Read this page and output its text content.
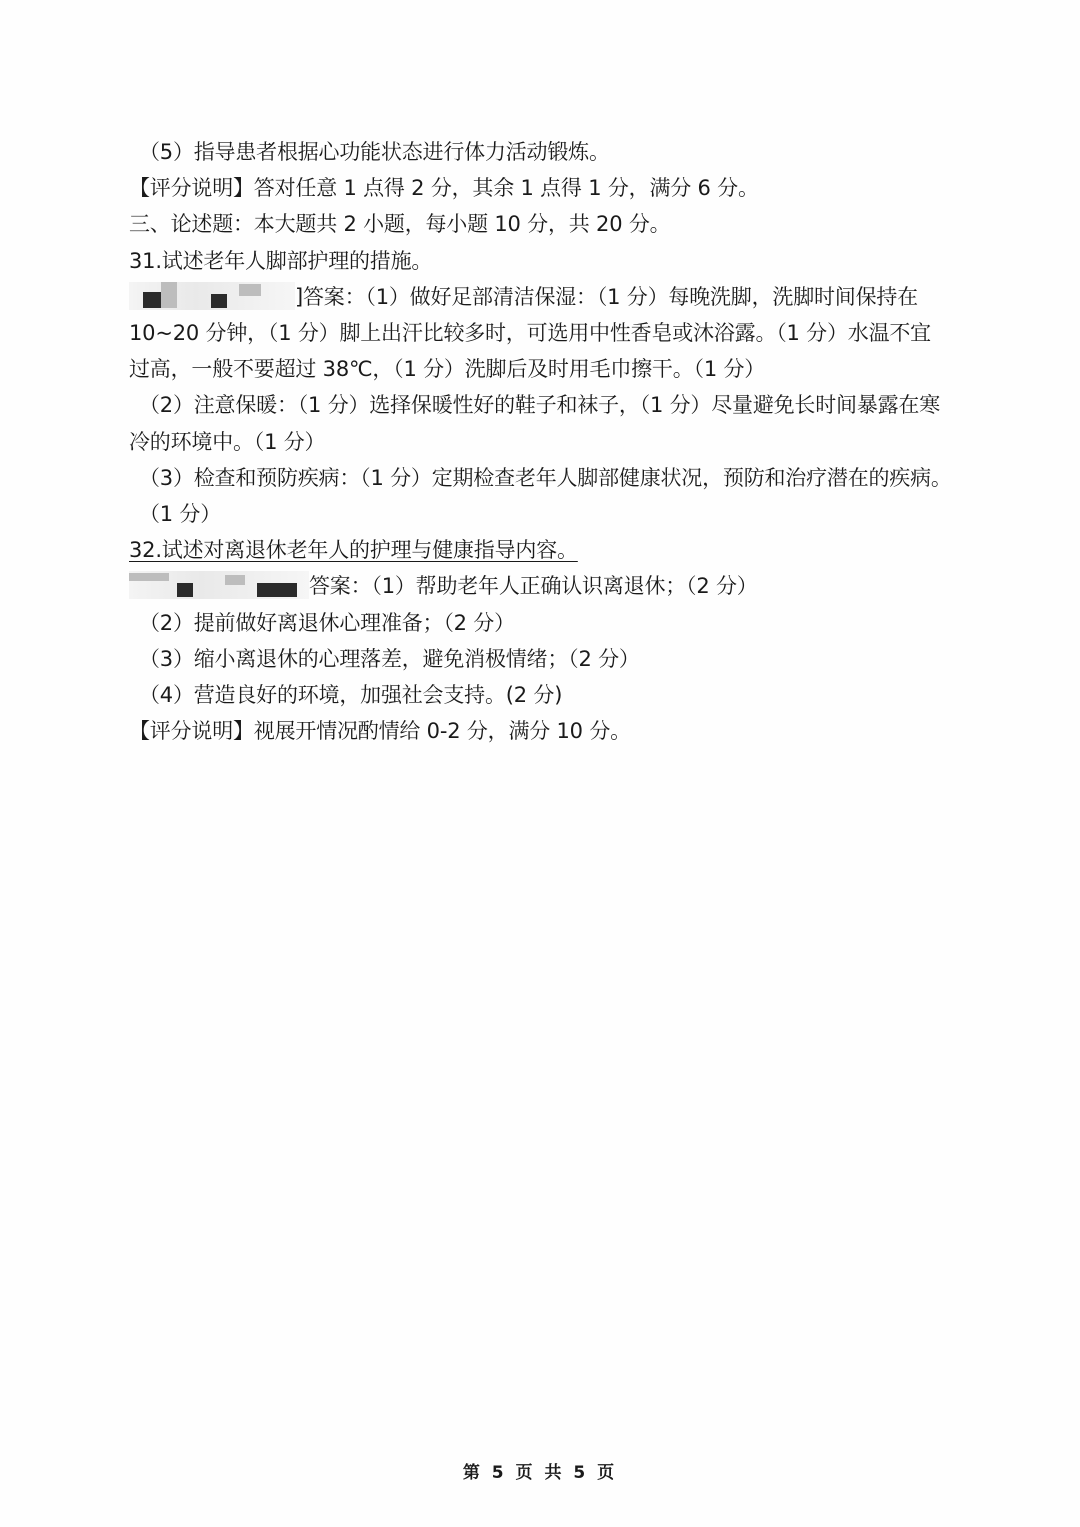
（5）指导患者根据心功能状态进行体力活动锻炼。
【评分说明】答对任意 1 点得 2 分，其余 1 点得 1 分，满分 6 分。
三、论述题：本大题共 2 小题，每小题 10 分，共 20 分。
31.试述老年人脚部护理的措施。
]答案：（1）做好足部清洁保湿：（1 分）每晚洗脚，洗脚时间保持在
10~20 分钟，（1 分）脚上出汗比较多时，可选用中性香皂或沐浴露。（1 分）水温不宜
过高，一般不要超过 38℃，（1 分）洗脚后及时用毛巾擦干。（1 分）
（2）注意保暖：（1 分）选择保暖性好的鞋子和袜子，（1 分）尽量避免长时间暴露在寒
冷的环境中。（1 分）
（3）检查和预防疾病：（1 分）定期检查老年人脚部健康状况，预防和治疗潜在的疾病。
（1 分）
32.试述对离退休老年人的护理与健康指导内容。
答案：（1）帮助老年人正确认识离退休；（2 分）
（2）提前做好离退休心理准备；（2 分）
（3）缩小离退休的心理落差，避免消极情绪；（2 分）
（4）营造良好的环境，加强社会支持。(2 分)
【评分说明】视展开情况酌情给 0-2 分，满分 10 分。
第 5 页 共 5 页
